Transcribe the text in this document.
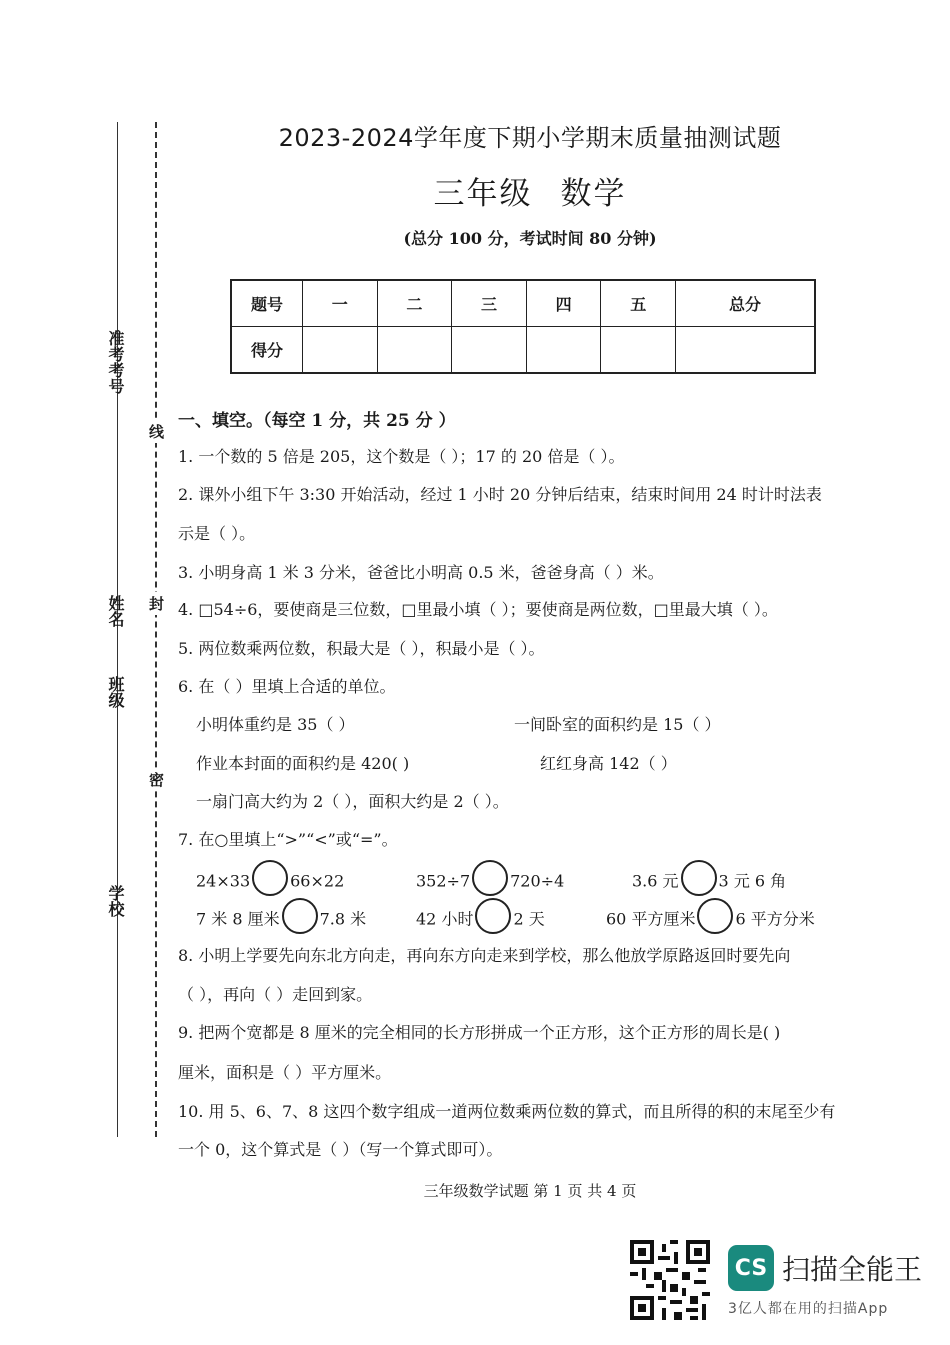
2023-2024学年度下期小学期末质量抽测试题
三年级 数学
(总分 100 分，考试时间 80 分钟)
题号	一	二	三	四	五	总分
得分						
准考考号
姓名
班级
学校
线
封
密
一、填空。（每空 1 分，共 25 分 ）
1. 一个数的 5 倍是 205，这个数是（ ）；17 的 20 倍是（ ）。
2. 课外小组下午 3:30 开始活动，经过 1 小时 20 分钟后结束，结束时间用 24 时计时法表
示是（ ）。
3. 小明身高 1 米 3 分米，爸爸比小明高 0.5 米，爸爸身高（ ）米。
4. □54÷6，要使商是三位数，□里最小填（ ）；要使商是两位数，□里最大填（ ）。
5. 两位数乘两位数，积最大是（ ），积最小是（ ）。
6. 在（ ）里填上合适的单位。
小明体重约是 35（ ）	一间卧室的面积约是 15（ ）
作业本封面的面积约是 420( )	红红身高 142（ ）
一扇门高大约为 2（ ），面积大约是 2（ ）。
7. 在○里填上“>”“<”或“=”。
24×33	66×22	352÷7	720÷4	3.6 元	3 元 6 角
7 米 8 厘米	7.8 米	42 小时	2 天	60 平方厘米	6 平方分米
8. 小明上学要先向东北方向走，再向东方向走来到学校，那么他放学原路返回时要先向
（ ），再向（ ）走回到家。
9. 把两个宽都是 8 厘米的完全相同的长方形拼成一个正方形，这个正方形的周长是( )
厘米，面积是（ ）平方厘米。
10. 用 5、6、7、8 这四个数字组成一道两位数乘两位数的算式，而且所得的积的末尾至少有
一个 0，这个算式是（ ）（写一个算式即可）。
三年级数学试题 第 1 页 共 4 页
CS 扫描全能王
3亿人都在用的扫描App
